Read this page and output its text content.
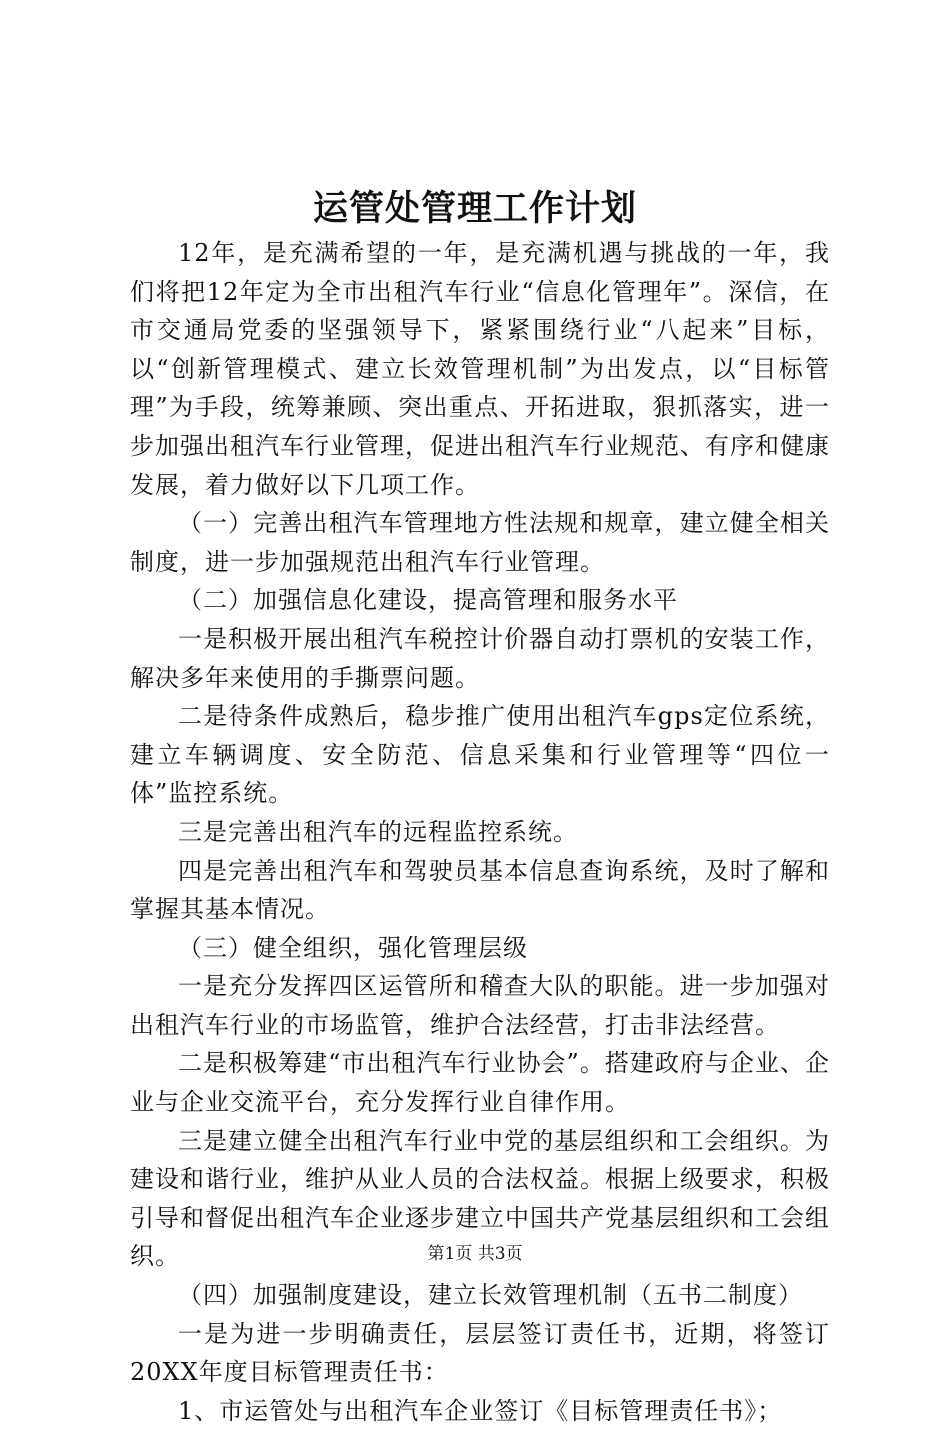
运管处管理工作计划

12年，是充满希望的一年，是充满机遇与挑战的一年，我们将把12年定为全市出租汽车行业“信息化管理年”。深信，在市交通局党委的坚强领导下，紧紧围绕行业“八起来”目标，以“创新管理模式、建立长效管理机制”为出发点，以“目标管理”为手段，统筹兼顾、突出重点、开拓进取，狠抓落实，进一步加强出租汽车行业管理，促进出租汽车行业规范、有序和健康发展，着力做好以下几项工作。

（一）完善出租汽车管理地方性法规和规章，建立健全相关制度，进一步加强规范出租汽车行业管理。

（二）加强信息化建设，提高管理和服务水平

一是积极开展出租汽车税控计价器自动打票机的安装工作，解决多年来使用的手撕票问题。

二是待条件成熟后，稳步推广使用出租汽车gps定位系统，建立车辆调度、安全防范、信息采集和行业管理等“四位一体”监控系统。

三是完善出租汽车的远程监控系统。

四是完善出租汽车和驾驶员基本信息查询系统，及时了解和掌握其基本情况。

（三）健全组织，强化管理层级

一是充分发挥四区运管所和稽查大队的职能。进一步加强对出租汽车行业的市场监管，维护合法经营，打击非法经营。

二是积极筹建“市出租汽车行业协会”。搭建政府与企业、企业与企业交流平台，充分发挥行业自律作用。

三是建立健全出租汽车行业中党的基层组织和工会组织。为建设和谐行业，维护从业人员的合法权益。根据上级要求，积极引导和督促出租汽车企业逐步建立中国共产党基层组织和工会组织。

（四）加强制度建设，建立长效管理机制（五书二制度）

一是为进一步明确责任，层层签订责任书，近期，将签订20XX年度目标管理责任书：

1、市运管处与出租汽车企业签订《目标管理责任书》；

第1页 共3页
